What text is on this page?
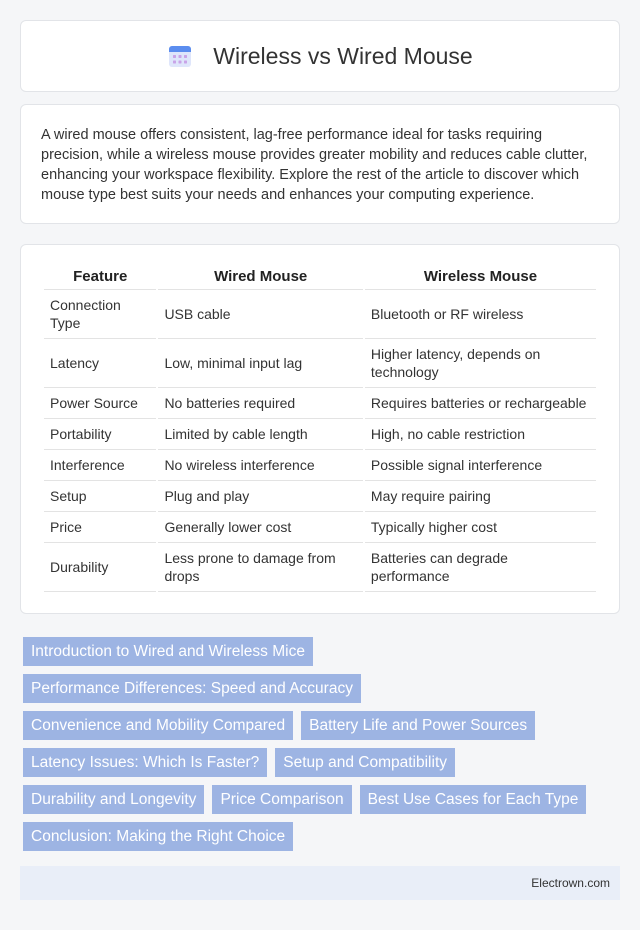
Wireless vs Wired Mouse

A wired mouse offers consistent, lag-free performance ideal for tasks requiring precision, while a wireless mouse provides greater mobility and reduces cable clutter, enhancing your workspace flexibility. Explore the rest of the article to discover which mouse type best suits your needs and enhances your computing experience.

Feature	Wired Mouse	Wireless Mouse
Connection Type	USB cable	Bluetooth or RF wireless
Latency	Low, minimal input lag	Higher latency, depends on technology
Power Source	No batteries required	Requires batteries or rechargeable
Portability	Limited by cable length	High, no cable restriction
Interference	No wireless interference	Possible signal interference
Setup	Plug and play	May require pairing
Price	Generally lower cost	Typically higher cost
Durability	Less prone to damage from drops	Batteries can degrade performance
Introduction to Wired and Wireless Mice
Performance Differences: Speed and Accuracy
Convenience and Mobility Compared	Battery Life and Power Sources
Latency Issues: Which Is Faster?	Setup and Compatibility
Durability and Longevity	Price Comparison	Best Use Cases for Each Type
Conclusion: Making the Right Choice
Electrown.com
